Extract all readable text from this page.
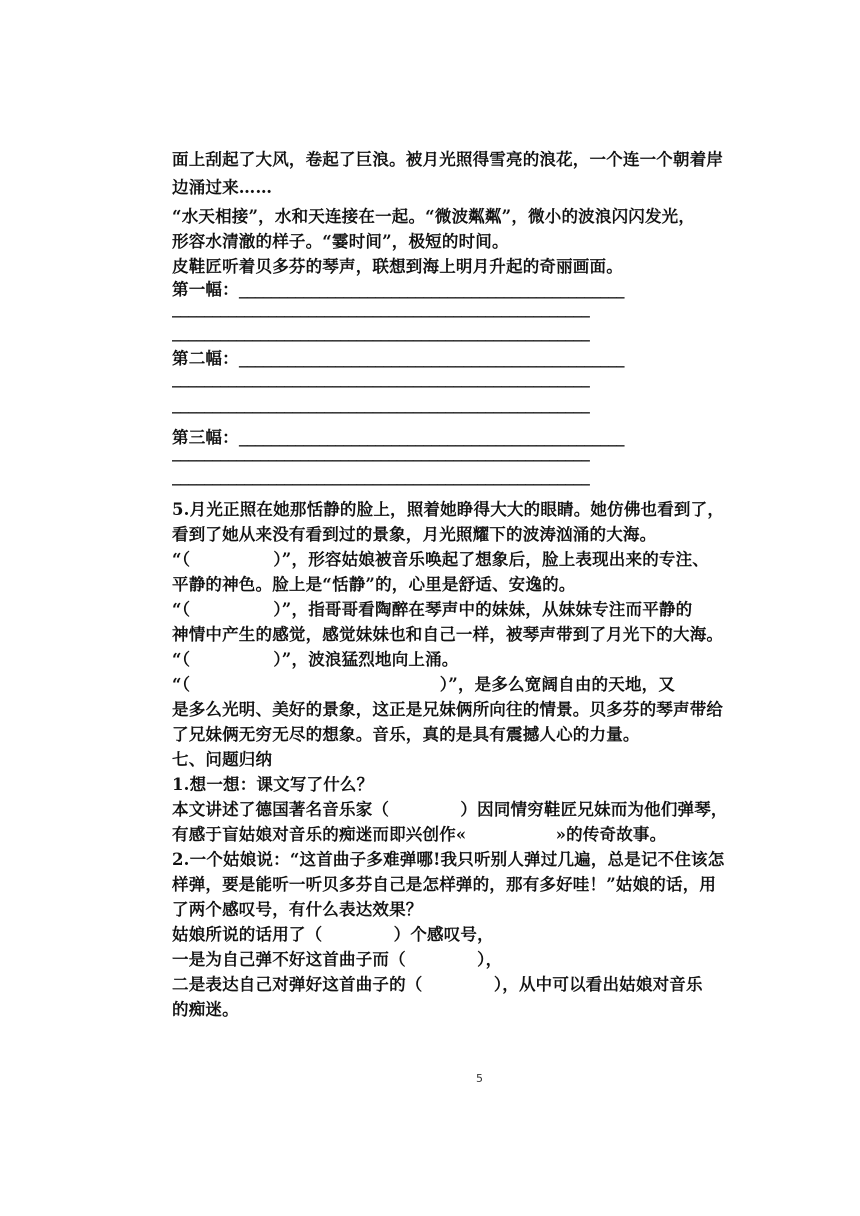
面上刮起了大风，卷起了巨浪。被月光照得雪亮的浪花，一个连一个朝着岸
边涌过来……
“水天相接”，水和天连接在一起。“微波粼粼”，微小的波浪闪闪发光，
形容水清澈的样子。“霎时间”，极短的时间。
皮鞋匠听着贝多芬的琴声，联想到海上明月升起的奇丽画面。
第一幅：________________________________________________
____________________________________________________
____________________________________________________
第二幅：________________________________________________
____________________________________________________
____________________________________________________
第三幅：________________________________________________
____________________________________________________
____________________________________________________
5.月光正照在她那恬静的脸上，照着她睁得大大的眼睛。她仿佛也看到了，
看到了她从来没有看到过的景象，月光照耀下的波涛汹涌的大海。
“（              ）”，形容姑娘被音乐唤起了想象后，脸上表现出来的专注、
平静的神色。脸上是“恬静”的，心里是舒适、安逸的。
“（              ）”，指哥哥看陶醉在琴声中的妹妹，从妹妹专注而平静的
神情中产生的感觉，感觉妹妹也和自己一样，被琴声带到了月光下的大海。
“（              ）”，波浪猛烈地向上涌。
“（                                          ）”，是多么宽阔自由的天地，又
是多么光明、美好的景象，这正是兄妹俩所向往的情景。贝多芬的琴声带给
了兄妹俩无穷无尽的想象。音乐，真的是具有震撼人心的力量。
七、问题归纳
1.想一想：课文写了什么？
本文讲述了德国著名音乐家（            ）因同情穷鞋匠兄妹而为他们弹琴，
有感于盲姑娘对音乐的痴迷而即兴创作«               »的传奇故事。
2.一个姑娘说：“这首曲子多难弹哪!我只听别人弹过几遍，总是记不住该怎
样弹，要是能听一听贝多芬自己是怎样弹的，那有多好哇！”姑娘的话，用
了两个感叹号，有什么表达效果？
姑娘所说的话用了（            ）个感叹号，
一是为自己弹不好这首曲子而（            ），
二是表达自己对弹好这首曲子的（            ），从中可以看出姑娘对音乐
的痴迷。
5
